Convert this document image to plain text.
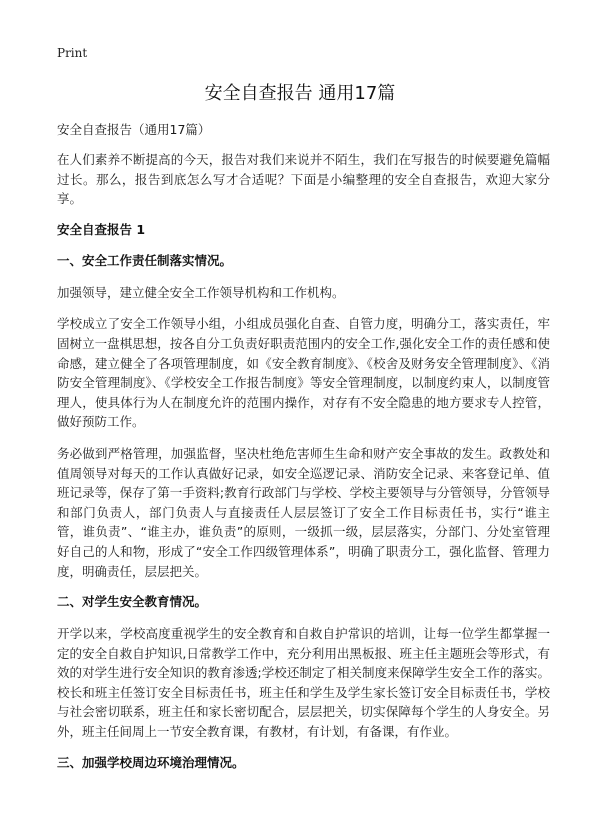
Print
安全自查报告 通用17篇
安全自查报告（通用17篇）
在人们素养不断提高的今天，报告对我们来说并不陌生，我们在写报告的时候要避免篇幅过长。那么，报告到底怎么写才合适呢？下面是小编整理的安全自查报告，欢迎大家分享。
安全自查报告 1
一、安全工作责任制落实情况。
加强领导，建立健全安全工作领导机构和工作机构。
学校成立了安全工作领导小组，小组成员强化自查、自管力度，明确分工，落实责任，牢固树立一盘棋思想，按各自分工负责好职责范围内的安全工作,强化安全工作的责任感和使命感，建立健全了各项管理制度，如《安全教育制度》、《校舍及财务安全管理制度》、《消防安全管理制度》、《学校安全工作报告制度》等安全管理制度，以制度约束人，以制度管理人，使具体行为人在制度允许的范围内操作，对存有不安全隐患的地方要求专人控管，做好预防工作。
务必做到严格管理，加强监督，坚决杜绝危害师生生命和财产安全事故的发生。政教处和值周领导对每天的工作认真做好记录，如安全巡逻记录、消防安全记录、来客登记单、值班记录等，保存了第一手资料;教育行政部门与学校、学校主要领导与分管领导，分管领导和部门负责人，部门负责人与直接责任人层层签订了安全工作目标责任书，实行“谁主管，谁负责”、“谁主办，谁负责”的原则，一级抓一级，层层落实，分部门、分处室管理好自己的人和物，形成了“安全工作四级管理体系”，明确了职责分工，强化监督、管理力度，明确责任，层层把关。
二、对学生安全教育情况。
开学以来，学校高度重视学生的安全教育和自救自护常识的培训，让每一位学生都掌握一定的安全自救自护知识,日常教学工作中，充分利用出黑板报、班主任主题班会等形式，有效的对学生进行安全知识的教育渗透;学校还制定了相关制度来保障学生安全工作的落实。校长和班主任签订安全目标责任书，班主任和学生及学生家长签订安全目标责任书，学校与社会密切联系，班主任和家长密切配合，层层把关，切实保障每个学生的人身安全。另外，班主任间周上一节安全教育课，有教材，有计划，有备课，有作业。
三、加强学校周边环境治理情况。
